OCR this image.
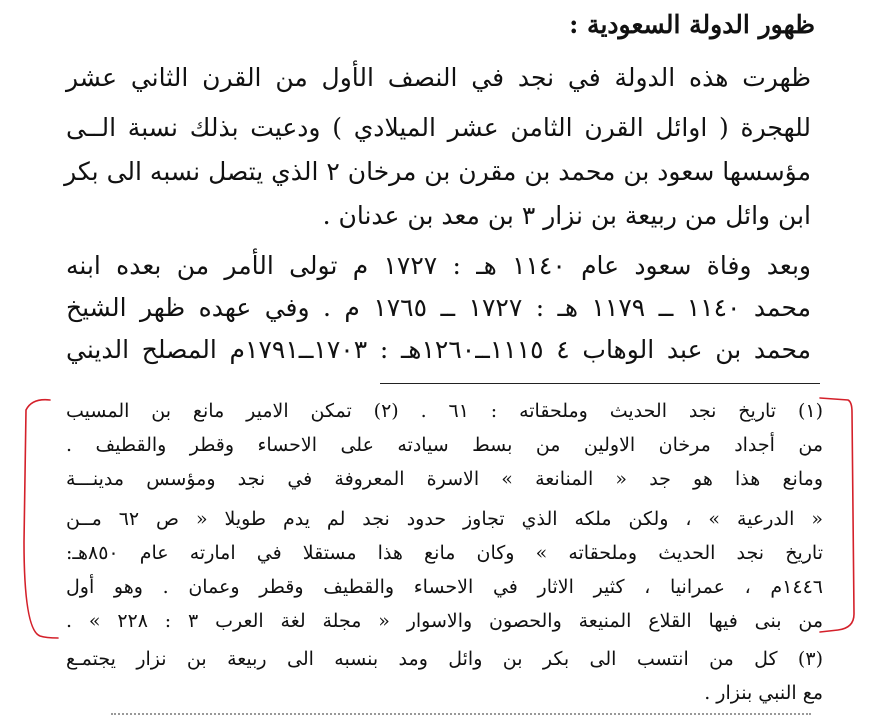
ظهور الدولة السعودية :
ظهرت هذه الدولة في نجد في النصف الأول من القرن الثاني عشر
للهجرة ( اوائل القرن الثامن عشر الميلادي ) ودعيت بذلك نسبة الــى
مؤسسها سعود بن محمد بن مقرن بن مرخان ٢ الذي يتصل نسبه الى بكر
ابن وائل من ربيعة بن نزار ٣ بن معد بن عدنان .
وبعد وفاة سعود عام ١١٤٠ هـ : ١٧٢٧ م تولى الأمر من بعده ابنه
محمد ١١٤٠ ــ ١١٧٩ هـ : ١٧٢٧ ــ ١٧٦٥ م . وفي عهده ظهر الشيخ
محمد بن عبد الوهاب ٤ ١١١٥ــ١٢٦٠هـ : ١٧٠٣ــ١٧٩١م المصلح الديني
(١) تاريخ نجد الحديث وملحقاته : ٦١ . (٢) تمكن الامير مانع بن المسيب
من أجداد مرخان الاولين من بسط سيادته على الاحساء وقطر والقطيف .
ومانع هذا هو جد « المنانعة » الاسرة المعروفة في نجد ومؤسس مدينـــة
« الدرعية » ، ولكن ملكه الذي تجاوز حدود نجد لم يدم طويلا « ص ٦٢ مــن
تاريخ نجد الحديث وملحقاته » وكان مانع هذا مستقلا في امارته عام ٨٥٠هـ:
١٤٤٦م ، عمرانيا ، كثير الاثار في الاحساء والقطيف وقطر وعمان . وهو أول
من بنى فيها القلاع المنيعة والحصون والاسوار « مجلة لغة العرب ٣ : ٢٢٨ » .
(٣) كل من انتسب الى بكر بن وائل ومد بنسبه الى ربيعة بن نزار يجتمـع
مع النبي بنزار .
